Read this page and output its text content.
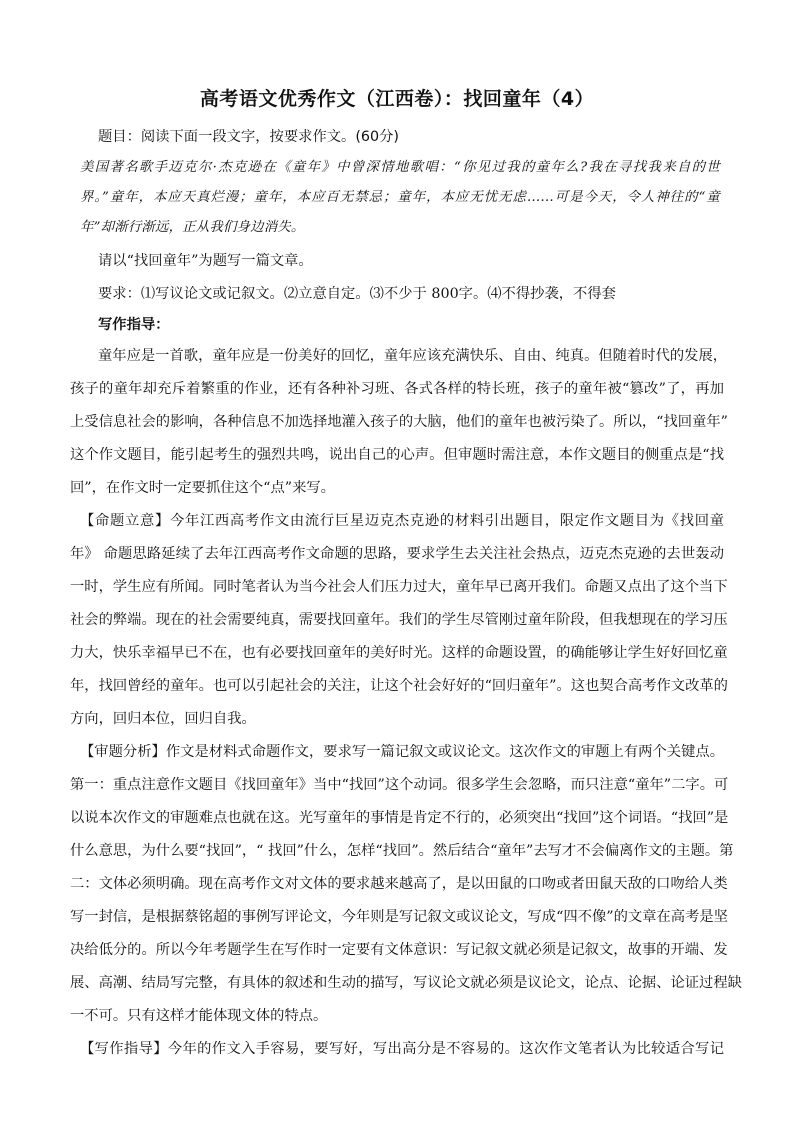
高考语文优秀作文（江西卷）：找回童年（4）
题目：阅读下面一段文字，按要求作文。(60分)
美国著名歌手迈克尔·杰克逊在《童年》中曾深情地歌唱：“你见过我的童年么?我在寻找我来自的世
界。”童年，本应天真烂漫；童年，本应百无禁忌；童年，本应无忧无虑……可是今天，令人神往的“童
年”却渐行渐远，正从我们身边消失。
请以“找回童年”为题写一篇文章。
要求：⑴写议论文或记叙文。⑵立意自定。⑶不少于 800字。⑷不得抄袭，不得套
写作指导：
童年应是一首歌，童年应是一份美好的回忆，童年应该充满快乐、自由、纯真。但随着时代的发展，
孩子的童年却充斥着繁重的作业，还有各种补习班、各式各样的特长班，孩子的童年被“篡改”了，再加
上受信息社会的影响，各种信息不加选择地灌入孩子的大脑，他们的童年也被污染了。所以，“找回童年”
这个作文题目，能引起考生的强烈共鸣，说出自己的心声。但审题时需注意，本作文题目的侧重点是“找
回”，在作文时一定要抓住这个“点”来写。
【命题立意】今年江西高考作文由流行巨星迈克杰克逊的材料引出题目，限定作文题目为《找回童
年》 命题思路延续了去年江西高考作文命题的思路，要求学生去关注社会热点，迈克杰克逊的去世轰动
一时，学生应有所闻。同时笔者认为当今社会人们压力过大，童年早已离开我们。命题又点出了这个当下
社会的弊端。现在的社会需要纯真，需要找回童年。我们的学生尽管刚过童年阶段，但我想现在的学习压
力大，快乐幸福早已不在，也有必要找回童年的美好时光。这样的命题设置，的确能够让学生好好回忆童
年，找回曾经的童年。也可以引起社会的关注，让这个社会好好的“回归童年”。这也契合高考作文改革的
方向，回归本位，回归自我。
【审题分析】作文是材料式命题作文，要求写一篇记叙文或议论文。这次作文的审题上有两个关键点。
第一：重点注意作文题目《找回童年》当中“找回”这个动词。很多学生会忽略，而只注意“童年”二字。可
以说本次作文的审题难点也就在这。光写童年的事情是肯定不行的，必须突出“找回”这个词语。“找回”是
什么意思，为什么要“找回”，“ 找回”什么，怎样“找回”。然后结合“童年”去写才不会偏离作文的主题。第
二：文体必须明确。现在高考作文对文体的要求越来越高了，是以田鼠的口吻或者田鼠天敌的口吻给人类
写一封信，是根据蔡铭超的事例写评论文，今年则是写记叙文或议论文，写成“四不像”的文章在高考是坚
决给低分的。所以今年考题学生在写作时一定要有文体意识：写记叙文就必须是记叙文，故事的开端、发
展、高潮、结局写完整，有具体的叙述和生动的描写，写议论文就必须是议论文，论点、论据、论证过程缺
一不可。只有这样才能体现文体的特点。
【写作指导】今年的作文入手容易，要写好，写出高分是不容易的。这次作文笔者认为比较适合写记
